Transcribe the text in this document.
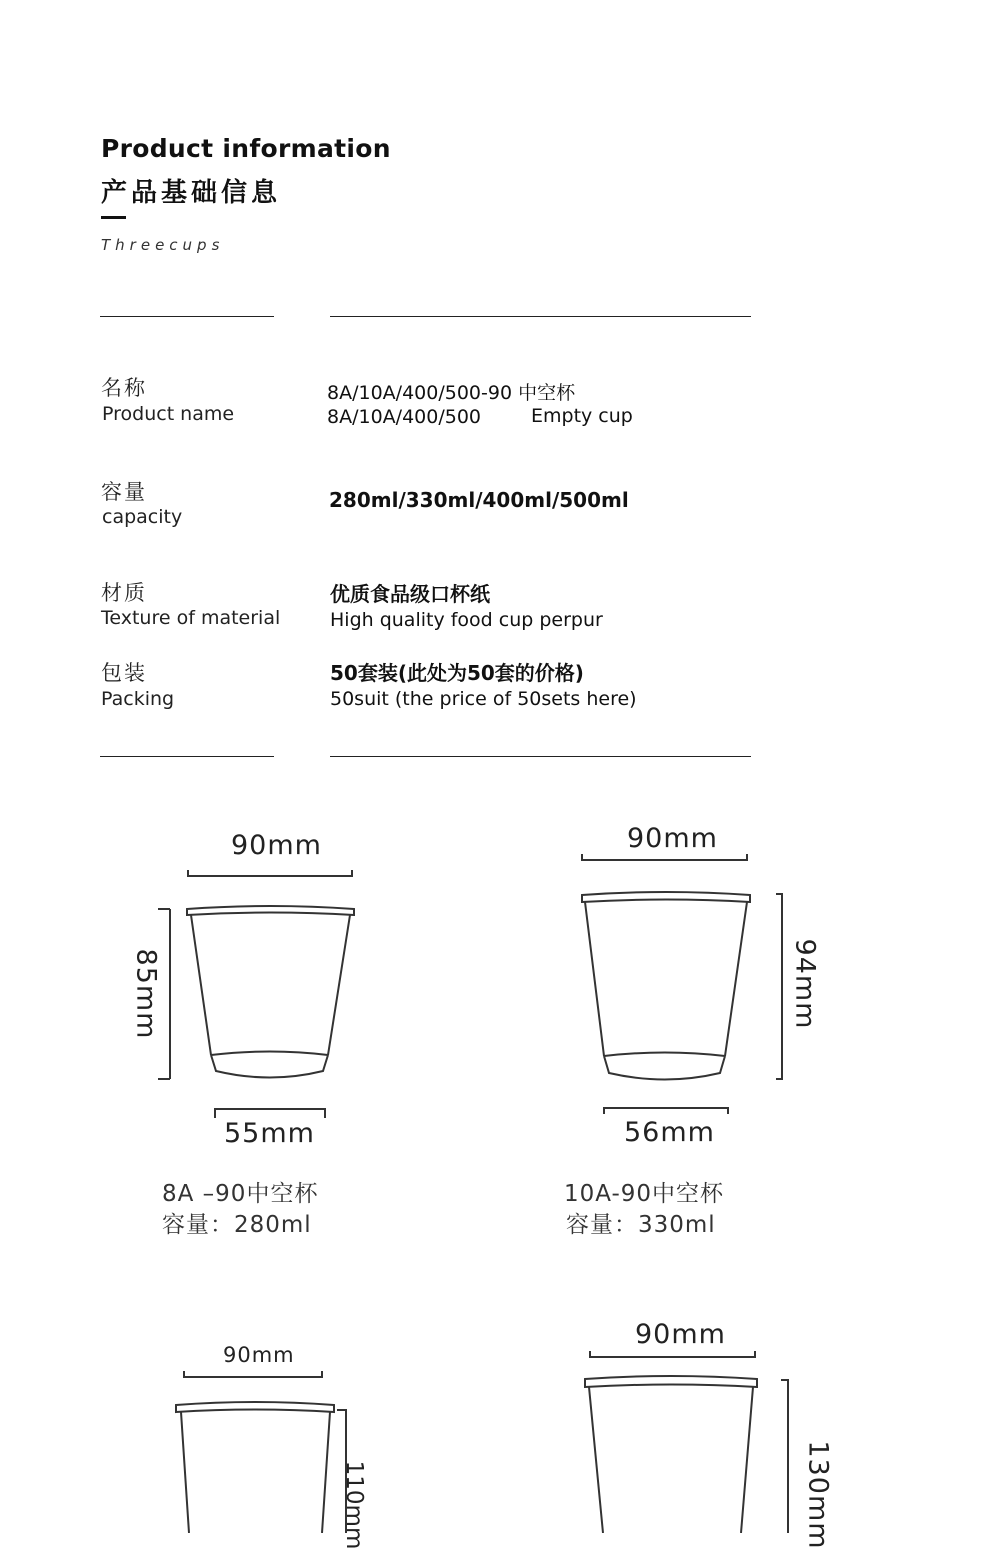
Product information
产品基础信息
Threecups
名称
Product name
8A/10A/400/500-90 中空杯
8A/10A/400/500	Empty cup
容量
capacity
280ml/330ml/400ml/500ml
材质
Texture of material
优质食品级口杯纸
High quality food cup perpur
包装
Packing
50套装(此处为50套的价格)
50suit (the price of 50sets here)
90mm
85mm
55mm
8A –90中空杯
容量：280ml
90mm
94mm
56mm
10A-90中空杯
容量：330ml
90mm
110mm
90mm
130mm
